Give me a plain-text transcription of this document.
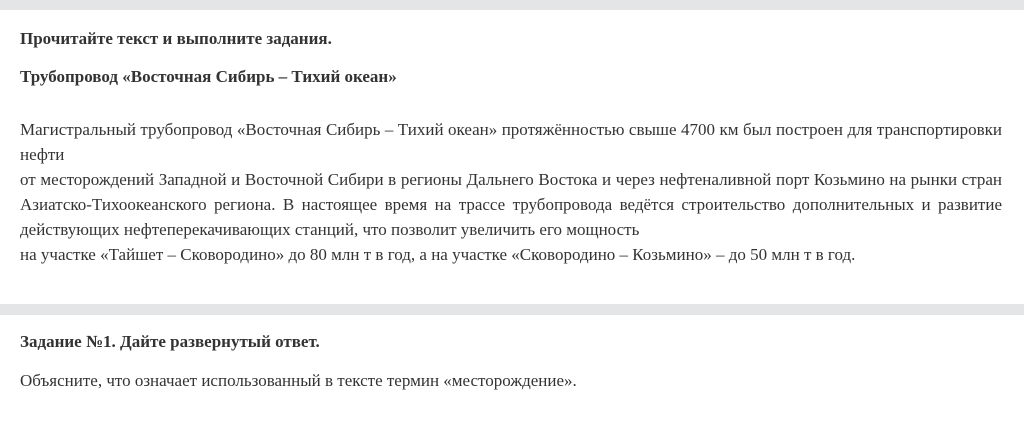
Прочитайте текст и выполните задания.
Трубопровод «Восточная Сибирь – Тихий океан»

Магистральный трубопровод «Восточная Сибирь – Тихий океан» протяжённостью свыше 4700 км был построен для транспортировки нефти

от месторождений Западной и Восточной Сибири в регионы Дальнего Востока и через нефтеналивной порт Козьмино на рынки стран Азиатско-Тихоокеанского региона. В настоящее время на трассе трубопровода ведётся строительство дополнительных и развитие действующих нефтеперекачивающих станций, что позволит увеличить его мощность

на участке «Тайшет – Сковородино» до 80 млн т в год, а на участке «Сковородино – Козьмино» – до 50 млн т в год.

Задание №1. Дайте развернутый ответ.

Объясните, что означает использованный в тексте термин «месторождение».
